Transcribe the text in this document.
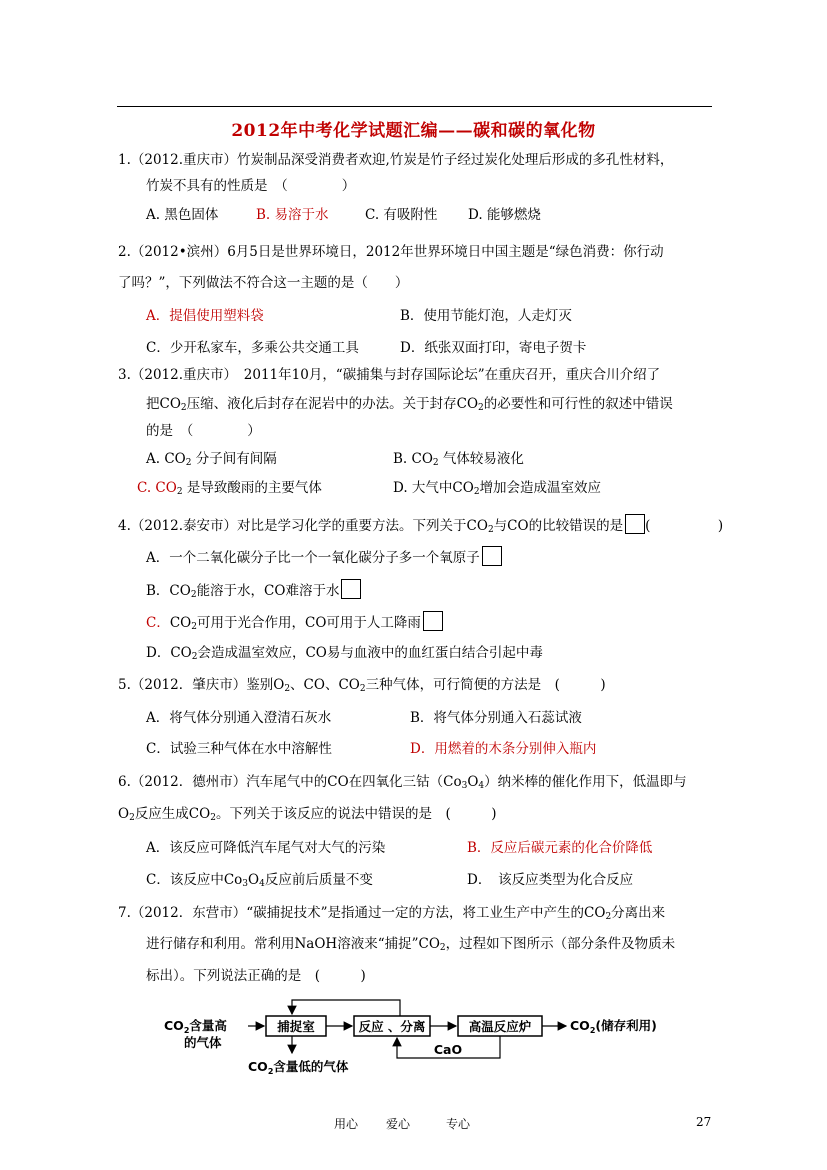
2012年中考化学试题汇编——碳和碳的氧化物
1.（2012.重庆市）竹炭制品深受消费者欢迎,竹炭是竹子经过炭化处理后形成的多孔性材料，
竹炭不具有的性质是　（　　　　）
A. 黑色固体	B. 易溶于水	C. 有吸附性 D. 能够燃烧
2.（2012•滨州）6月5日是世界环境日，2012年世界环境日中国主题是“绿色消费：你行动
了吗？”，下列做法不符合这一主题的是（　　）
A．提倡使用塑料袋	B．使用节能灯泡，人走灯灭
C．少开私家车，多乘公共交通工具	D．纸张双面打印，寄电子贺卡
3.（2012.重庆市）　2011年10月，“碳捕集与封存国际论坛”在重庆召开，重庆合川介绍了
把$CO_2$压缩、液化后封存在泥岩中的办法。关于封存$CO_2$的必要性和可行性的叙述中错误
的是　（　　　　）
A. $CO_2$ 分子间有间隔	B. $CO_2$ 气体较易液化
C. $CO_2$ 是导致酸雨的主要气体	D. 大气中$CO_2$增加会造成温室效应
4.（2012.泰安市）对比是学习化学的重要方法。下列关于$CO_2$与CO的比较错误的是 (　　　　　)
A．一个二氧化碳分子比一个一氧化碳分子多一个氧原子
B．$CO_2$能溶于水，CO难溶于水
C．$CO_2$可用于光合作用，CO可用于人工降雨
D．$CO_2$会造成温室效应，CO易与血液中的血红蛋白结合引起中毒
5.（2012．肇庆市）鉴别$O_2$、CO、$CO_2$三种气体，可行简便的方法是　(　　　)
A．将气体分别通入澄清石灰水	B．将气体分别通入石蕊试液
C．试验三种气体在水中溶解性	D．用燃着的木条分别伸入瓶内
6.（2012．德州市）汽车尾气中的CO在四氧化三钴$(Co_3O_4)$纳米棒的催化作用下，低温即与
$O_2$反应生成$CO_2$。下列关于该反应的说法中错误的是　(　　　)
A．该反应可降低汽车尾气对大气的污染	B．反应后碳元素的化合价降低
C．该反应中$Co_3O_4$反应前后质量不变	D．　该反应类型为化合反应
7.（2012．东营市）“碳捕捉技术”是指通过一定的方法，将工业生产中产生的$CO_2$分离出来
进行储存和利用。常利用NaOH溶液来“捕捉$”CO_2$，过程如下图所示（部分条件及物质未
标出）。下列说法正确的是　(　　　)
$CO_2$含量高
的气体
捕捉室	反应 、分离	高温反应炉	$CO_2$(储存利用)
CaO
$CO_2$含量低的气体
用心 爱心	专心	27
